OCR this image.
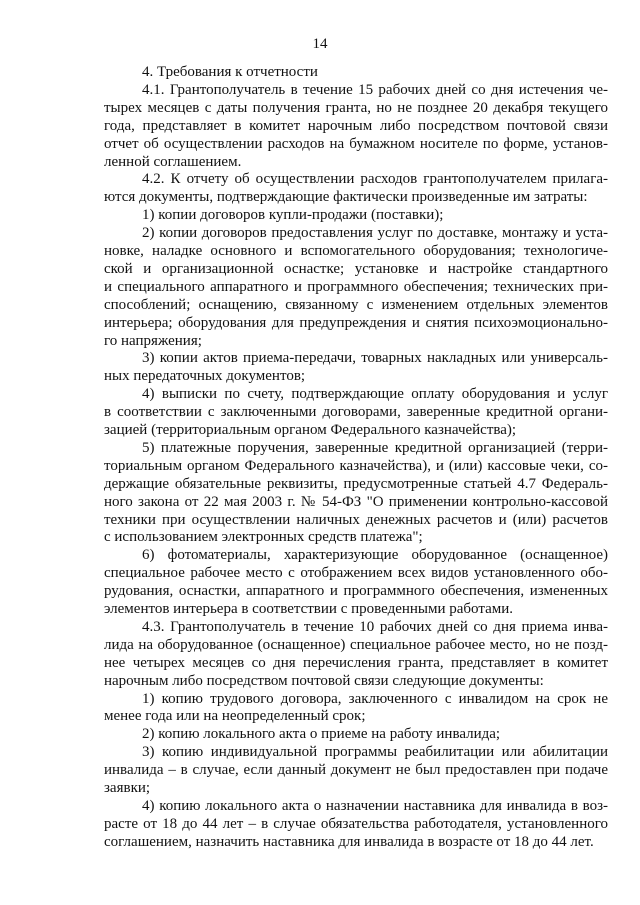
14
4. Требования к отчетности
4.1. Грантополучатель в течение 15 рабочих дней со дня истечения че-
тырех месяцев с даты получения гранта, но не позднее 20 декабря текущего
года, представляет в комитет нарочным либо посредством почтовой связи
отчет об осуществлении расходов на бумажном носителе по форме, установ-
ленной соглашением.
4.2. К отчету об осуществлении расходов грантополучателем прилага-
ются документы, подтверждающие фактически произведенные им затраты:
1) копии договоров купли-продажи (поставки);
2) копии договоров предоставления услуг по доставке, монтажу и уста-
новке, наладке основного и вспомогательного оборудования; технологиче-
ской и организационной оснастке; установке и настройке стандартного
и специального аппаратного и программного обеспечения; технических при-
способлений; оснащению, связанному с изменением отдельных элементов
интерьера; оборудования для предупреждения и снятия психоэмоционально-
го напряжения;
3) копии актов приема-передачи, товарных накладных или универсаль-
ных передаточных документов;
4) выписки по счету, подтверждающие оплату оборудования и услуг
в соответствии с заключенными договорами, заверенные кредитной органи-
зацией (территориальным органом Федерального казначейства);
5) платежные поручения, заверенные кредитной организацией (терри-
ториальным органом Федерального казначейства), и (или) кассовые чеки, со-
держащие обязательные реквизиты, предусмотренные статьей 4.7 Федераль-
ного закона от 22 мая 2003 г. № 54-ФЗ "О применении контрольно-кассовой
техники при осуществлении наличных денежных расчетов и (или) расчетов
с использованием электронных средств платежа";
6) фотоматериалы, характеризующие оборудованное (оснащенное)
специальное рабочее место с отображением всех видов установленного обо-
рудования, оснастки, аппаратного и программного обеспечения, измененных
элементов интерьера в соответствии с проведенными работами.
4.3. Грантополучатель в течение 10 рабочих дней со дня приема инва-
лида на оборудованное (оснащенное) специальное рабочее место, но не позд-
нее четырех месяцев со дня перечисления гранта, представляет в комитет
нарочным либо посредством почтовой связи следующие документы:
1) копию трудового договора, заключенного с инвалидом на срок не
менее года или на неопределенный срок;
2) копию локального акта о приеме на работу инвалида;
3) копию индивидуальной программы реабилитации или абилитации
инвалида – в случае, если данный документ не был предоставлен при подаче
заявки;
4) копию локального акта о назначении наставника для инвалида в воз-
расте от 18 до 44 лет – в случае обязательства работодателя, установленного
соглашением, назначить наставника для инвалида в возрасте от 18 до 44 лет.
